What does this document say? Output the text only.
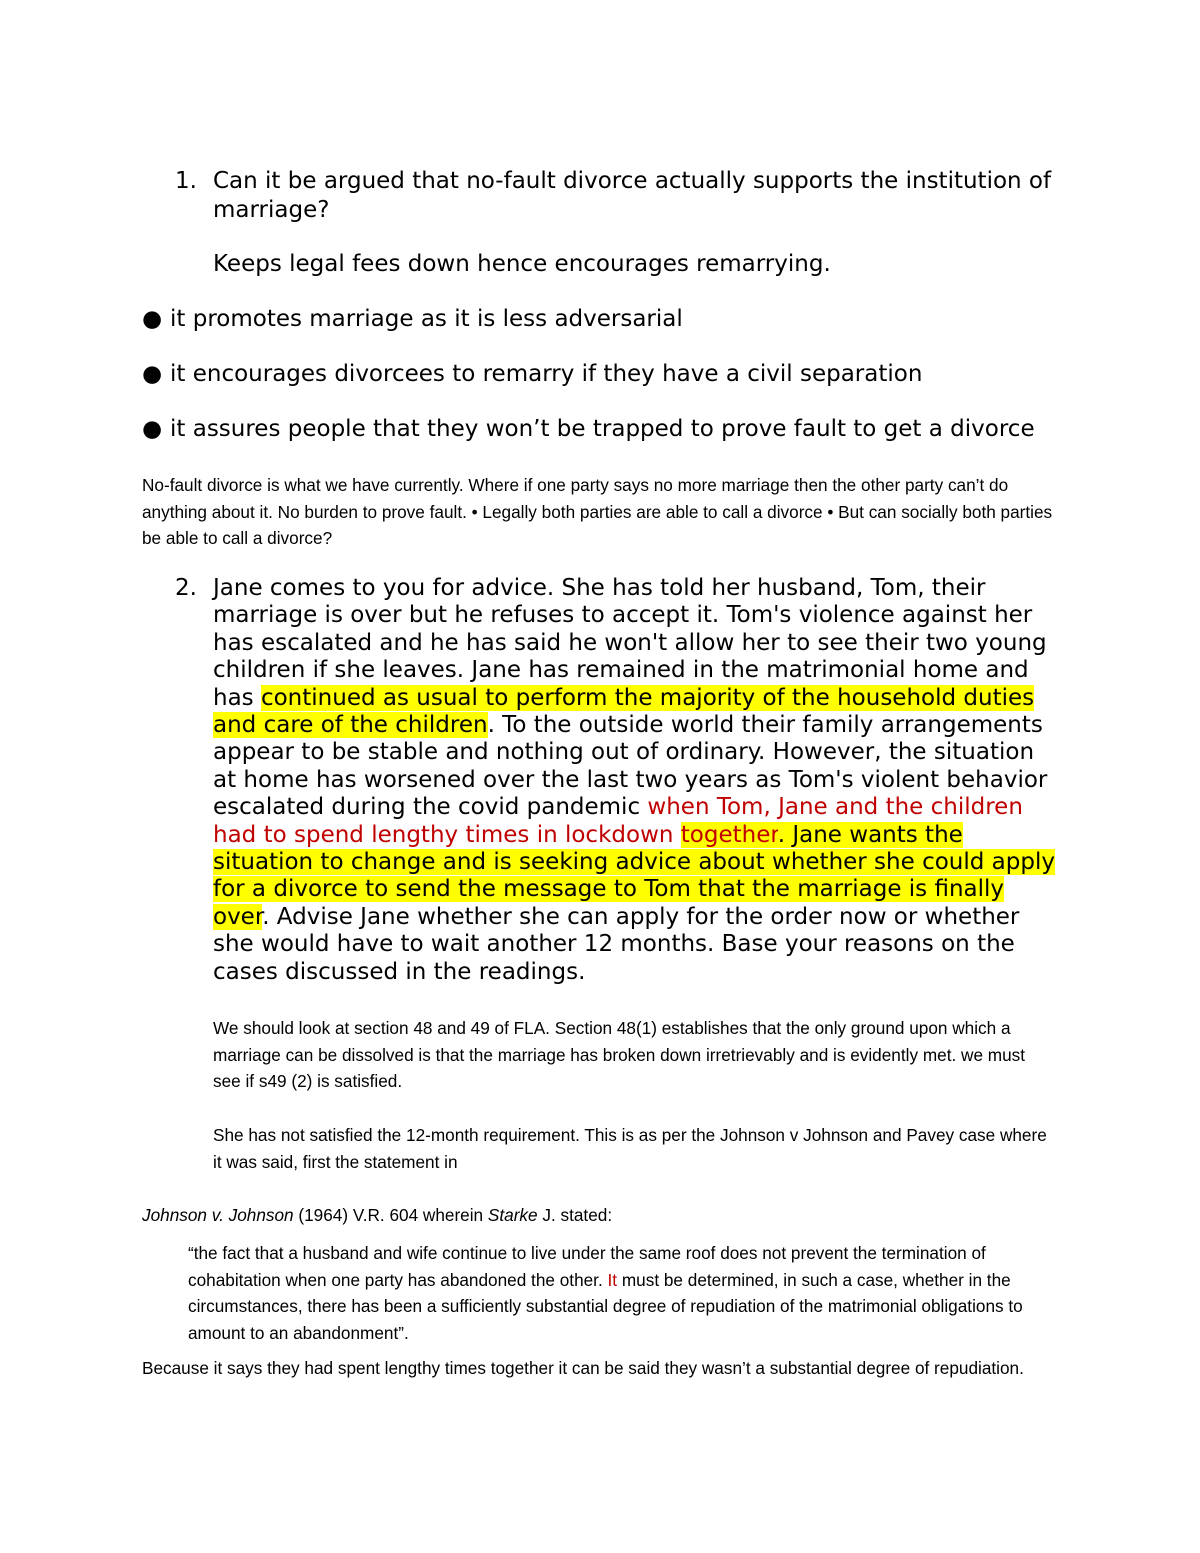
1. Can it be argued that no-fault divorce actually supports the institution of marriage?
Keeps legal fees down hence encourages remarrying.
● it promotes marriage as it is less adversarial
● it encourages divorcees to remarry if they have a civil separation
● it assures people that they won’t be trapped to prove fault to get a divorce
No-fault divorce is what we have currently. Where if one party says no more marriage then the other party can’t do anything about it. No burden to prove fault. • Legally both parties are able to call a divorce • But can socially both parties be able to call a divorce?
2. Jane comes to you for advice. She has told her husband, Tom, their marriage is over but he refuses to accept it. Tom's violence against her has escalated and he has said he won't allow her to see their two young children if she leaves. Jane has remained in the matrimonial home and has continued as usual to perform the majority of the household duties and care of the children. To the outside world their family arrangements appear to be stable and nothing out of ordinary. However, the situation at home has worsened over the last two years as Tom's violent behavior escalated during the covid pandemic when Tom, Jane and the children had to spend lengthy times in lockdown together. Jane wants the situation to change and is seeking advice about whether she could apply for a divorce to send the message to Tom that the marriage is finally over. Advise Jane whether she can apply for the order now or whether she would have to wait another 12 months. Base your reasons on the cases discussed in the readings.
We should look at section 48 and 49 of FLA. Section 48(1) establishes that the only ground upon which a marriage can be dissolved is that the marriage has broken down irretrievably and is evidently met. we must see if s49 (2) is satisfied.
She has not satisfied the 12-month requirement. This is as per the Johnson v Johnson and Pavey case where it was said, first the statement in
Johnson v. Johnson (1964) V.R. 604 wherein Starke J. stated:
“the fact that a husband and wife continue to live under the same roof does not prevent the termination of cohabitation when one party has abandoned the other. It must be determined, in such a case, whether in the circumstances, there has been a sufficiently substantial degree of repudiation of the matrimonial obligations to amount to an abandonment”.
Because it says they had spent lengthy times together it can be said they wasn’t a substantial degree of repudiation.
